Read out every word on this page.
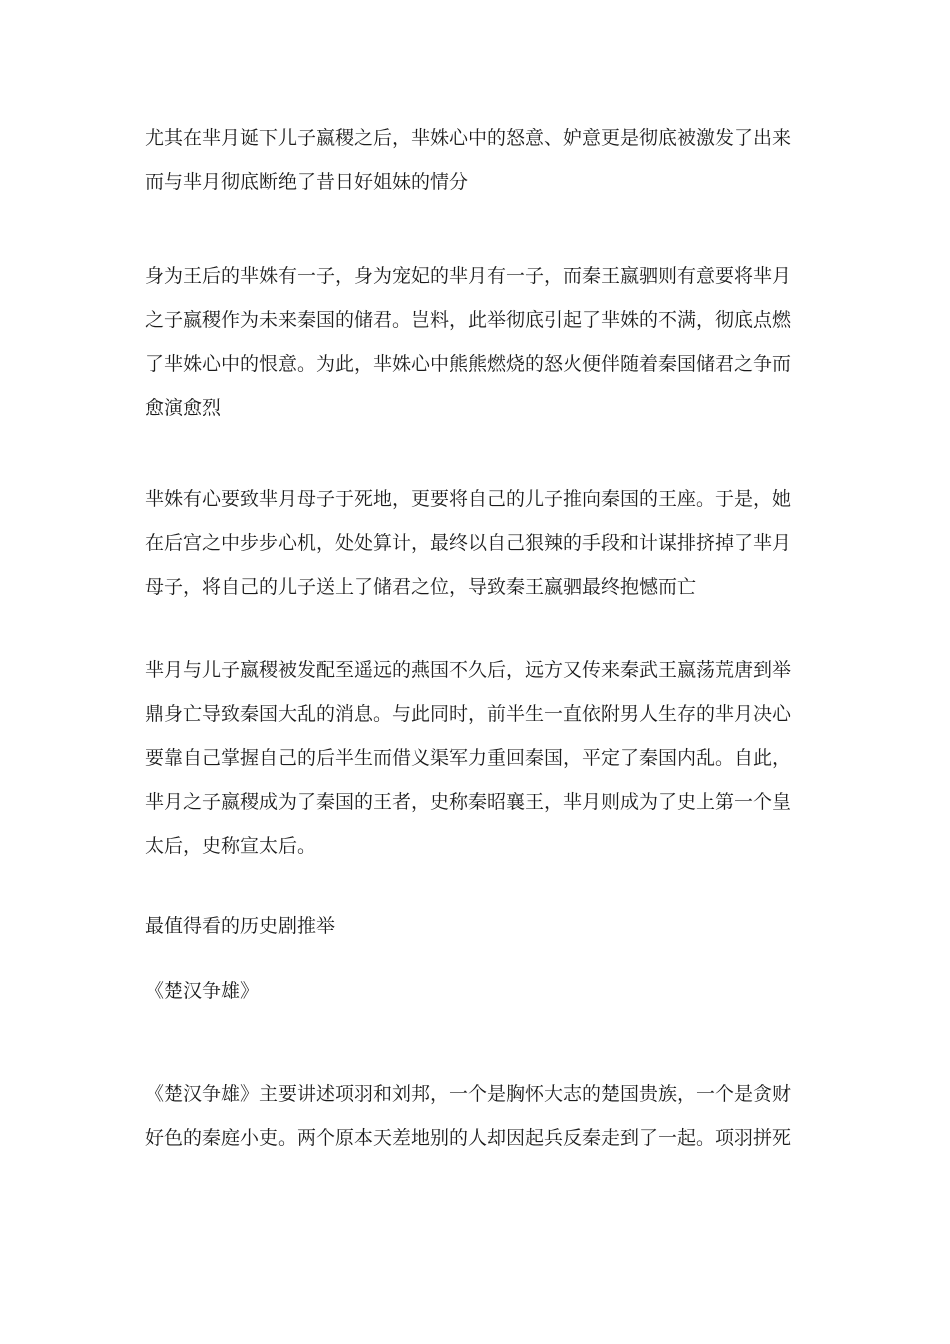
尤其在芈月诞下儿子嬴稷之后，芈姝心中的怒意、妒意更是彻底被激发了出来
而与芈月彻底断绝了昔日好姐妹的情分
身为王后的芈姝有一子，身为宠妃的芈月有一子，而秦王嬴驷则有意要将芈月
之子嬴稷作为未来秦国的储君。岂料，此举彻底引起了芈姝的不满，彻底点燃
了芈姝心中的恨意。为此，芈姝心中熊熊燃烧的怒火便伴随着秦国储君之争而
愈演愈烈
芈姝有心要致芈月母子于死地，更要将自己的儿子推向秦国的王座。于是，她
在后宫之中步步心机，处处算计，最终以自己狠辣的手段和计谋排挤掉了芈月
母子，将自己的儿子送上了储君之位，导致秦王嬴驷最终抱憾而亡
芈月与儿子嬴稷被发配至遥远的燕国不久后，远方又传来秦武王嬴荡荒唐到举
鼎身亡导致秦国大乱的消息。与此同时，前半生一直依附男人生存的芈月决心
要靠自己掌握自己的后半生而借义渠军力重回秦国，平定了秦国内乱。自此，
芈月之子嬴稷成为了秦国的王者，史称秦昭襄王，芈月则成为了史上第一个皇
太后，史称宣太后。
最值得看的历史剧推举
《楚汉争雄》
《楚汉争雄》主要讲述项羽和刘邦，一个是胸怀大志的楚国贵族，一个是贪财
好色的秦庭小吏。两个原本天差地别的人却因起兵反秦走到了一起。项羽拼死
